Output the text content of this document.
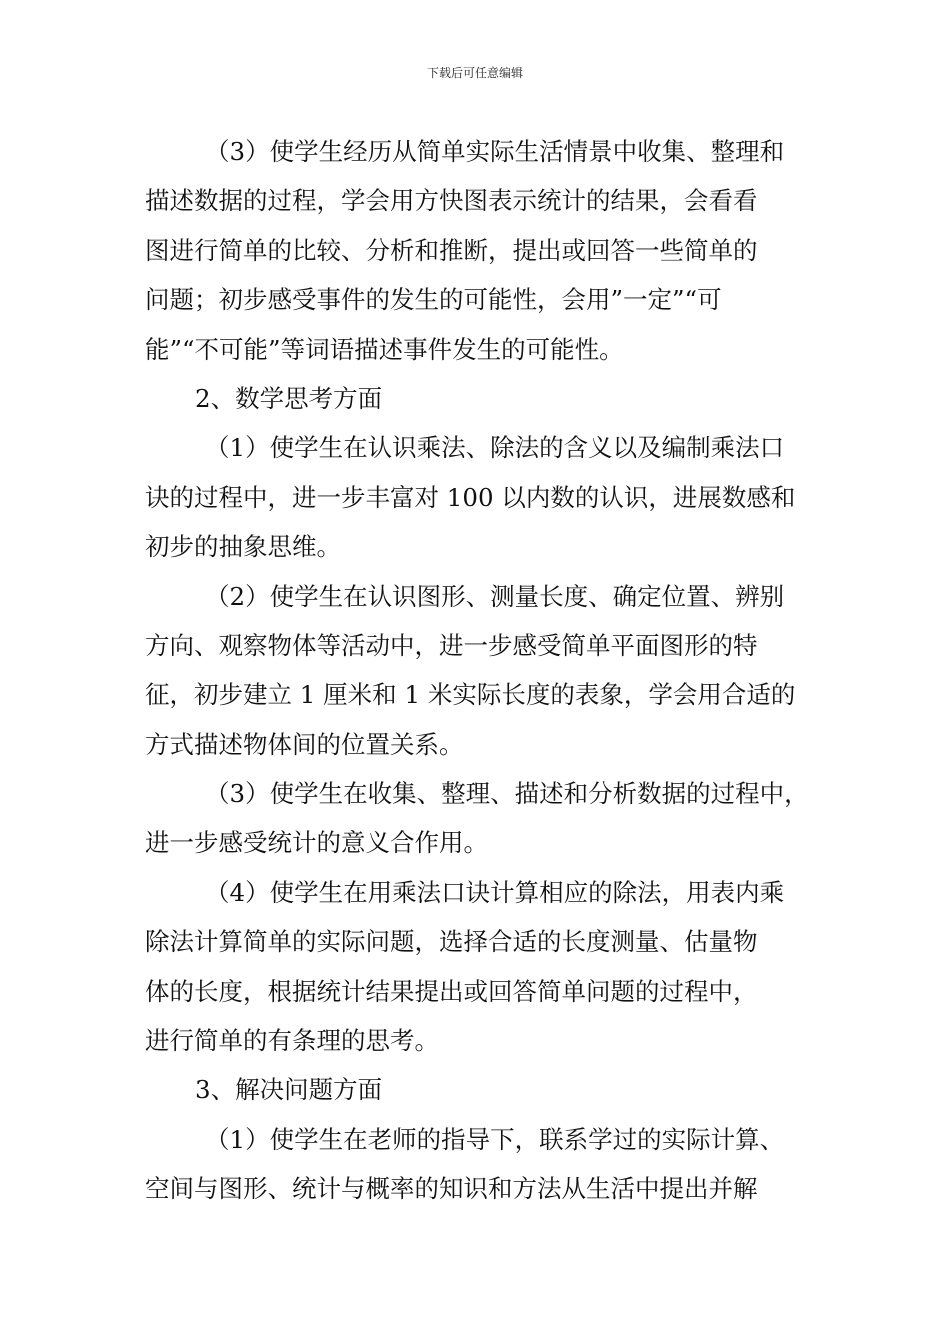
下载后可任意编辑
（3）使学生经历从简单实际生活情景中收集、整理和
描述数据的过程，学会用方快图表示统计的结果，会看看
图进行简单的比较、分析和推断，提出或回答一些简单的
问题；初步感受事件的发生的可能性，会用”一定”“可
能”“不可能”等词语描述事件发生的可能性。
2、数学思考方面
（1）使学生在认识乘法、除法的含义以及编制乘法口
诀的过程中，进一步丰富对 100 以内数的认识，进展数感和
初步的抽象思维。
（2）使学生在认识图形、测量长度、确定位置、辨别
方向、观察物体等活动中，进一步感受简单平面图形的特
征，初步建立 1 厘米和 1 米实际长度的表象，学会用合适的
方式描述物体间的位置关系。
（3）使学生在收集、整理、描述和分析数据的过程中，
进一步感受统计的意义合作用。
（4）使学生在用乘法口诀计算相应的除法，用表内乘
除法计算简单的实际问题，选择合适的长度测量、估量物
体的长度，根据统计结果提出或回答简单问题的过程中，
进行简单的有条理的思考。
3、解决问题方面
（1）使学生在老师的指导下，联系学过的实际计算、
空间与图形、统计与概率的知识和方法从生活中提出并解
